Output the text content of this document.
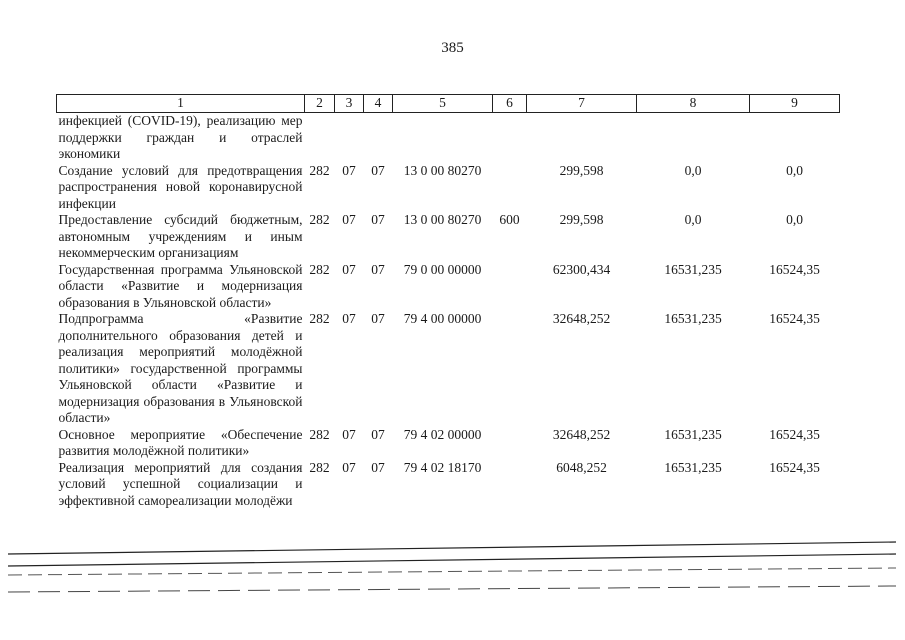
385
1	2	3	4	5	6	7	8	9
инфекцией (COVID-19), реализацию мер поддержки граждан и отраслей экономики								
Создание условий для предотвращения распространения новой коронавирусной инфекции	282	07	07	13 0 00 80270		299,598	0,0	0,0
Предоставление субсидий бюджетным, автономным учреждениям и иным некоммерческим организациям	282	07	07	13 0 00 80270	600	299,598	0,0	0,0
Государственная программа Ульяновской области «Развитие и модернизация образования в Ульяновской области»	282	07	07	79 0 00 00000		62300,434	16531,235	16524,35
Подпрограмма «Развитие дополнительного образования детей и реализация мероприятий молодёжной политики» государственной программы Ульяновской области «Развитие и модернизация образования в Ульяновской области»	282	07	07	79 4 00 00000		32648,252	16531,235	16524,35
Основное мероприятие «Обеспечение развития молодёжной политики»	282	07	07	79 4 02 00000		32648,252	16531,235	16524,35
Реализация мероприятий для создания условий успешной социализации и эффективной самореализации молодёжи	282	07	07	79 4 02 18170		6048,252	16531,235	16524,35
